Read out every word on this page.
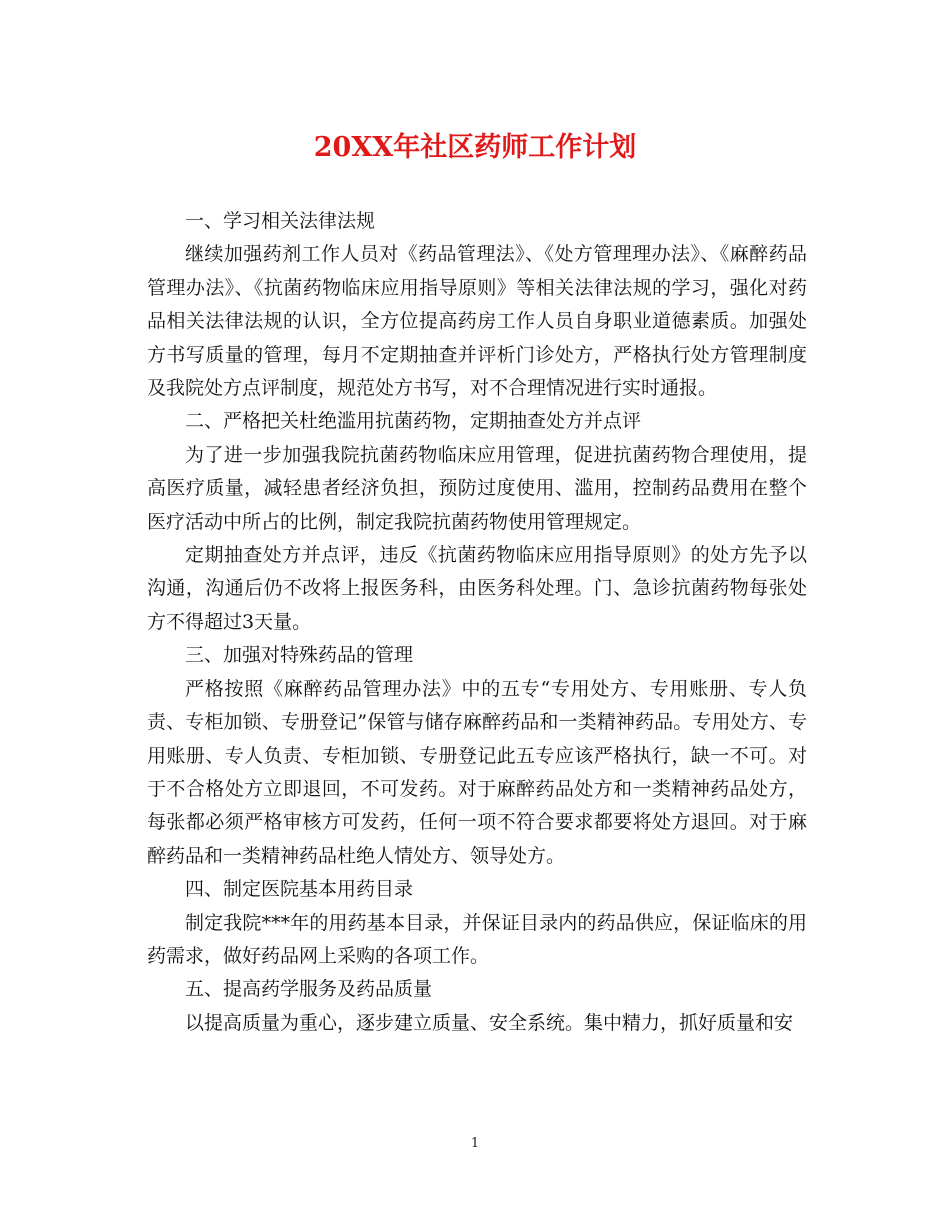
20XX年社区药师工作计划

一、学习相关法律法规

继续加强药剂工作人员对《药品管理法》、《处方管理理办法》、《麻醉药品管理办法》、《抗菌药物临床应用指导原则》等相关法律法规的学习，强化对药品相关法律法规的认识，全方位提高药房工作人员自身职业道德素质。加强处方书写质量的管理，每月不定期抽查并评析门诊处方，严格执行处方管理制度及我院处方点评制度，规范处方书写，对不合理情况进行实时通报。

二、严格把关杜绝滥用抗菌药物，定期抽查处方并点评

为了进一步加强我院抗菌药物临床应用管理，促进抗菌药物合理使用，提高医疗质量，减轻患者经济负担，预防过度使用、滥用，控制药品费用在整个医疗活动中所占的比例，制定我院抗菌药物使用管理规定。

定期抽查处方并点评，违反《抗菌药物临床应用指导原则》的处方先予以沟通，沟通后仍不改将上报医务科，由医务科处理。门、急诊抗菌药物每张处方不得超过3天量。

三、加强对特殊药品的管理

严格按照《麻醉药品管理办法》中的五专“专用处方、专用账册、专人负责、专柜加锁、专册登记”保管与储存麻醉药品和一类精神药品。专用处方、专用账册、专人负责、专柜加锁、专册登记此五专应该严格执行，缺一不可。对于不合格处方立即退回，不可发药。对于麻醉药品处方和一类精神药品处方，每张都必须严格审核方可发药，任何一项不符合要求都要将处方退回。对于麻醉药品和一类精神药品杜绝人情处方、领导处方。

四、制定医院基本用药目录

制定我院***年的用药基本目录，并保证目录内的药品供应，保证临床的用药需求，做好药品网上采购的各项工作。

五、提高药学服务及药品质量

以提高质量为重心，逐步建立质量、安全系统。集中精力，抓好质量和安

1
